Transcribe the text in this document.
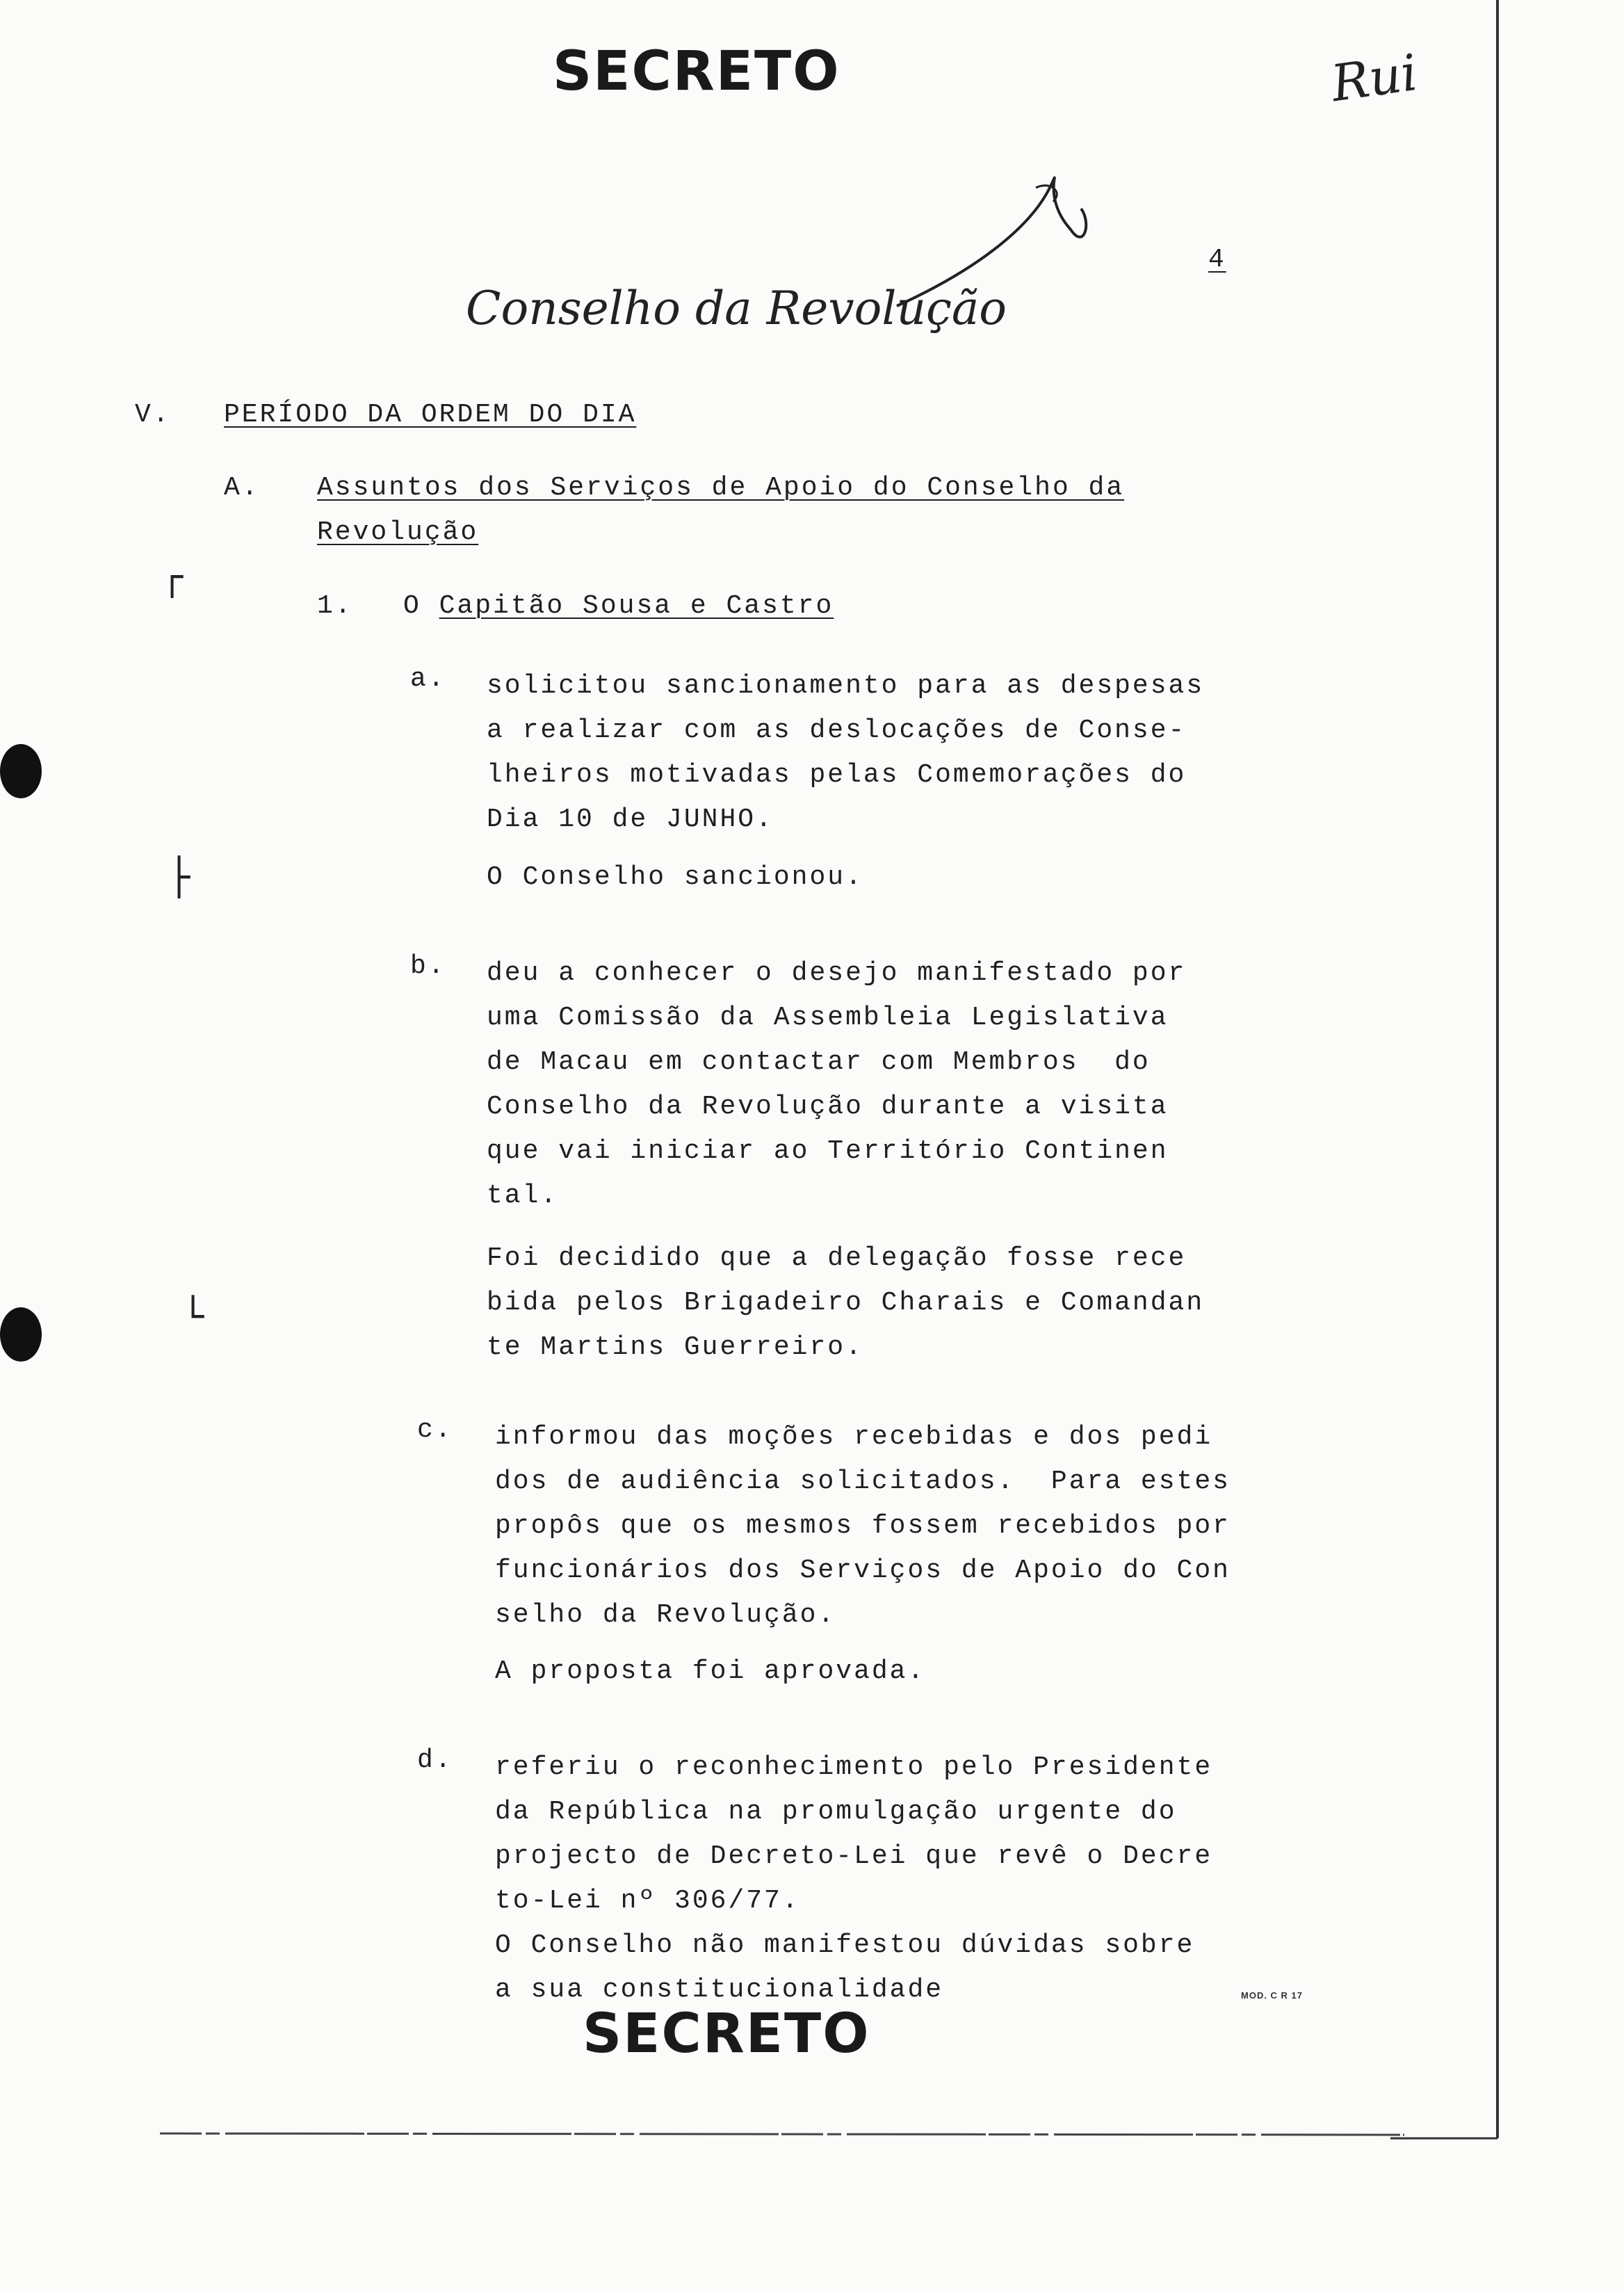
SECRETO	Rui
Conselho da Revolução
4
┌
├
└
V. PERÍODO DA ORDEM DO DIA
A. Assuntos dos Serviços de Apoio do Conselho da
Revolução
1. O Capitão Sousa e Castro
a. solicitou sancionamento para as despesas
a realizar com as deslocações de Conse-
lheiros motivadas pelas Comemorações do
Dia 10 de JUNHO.
O Conselho sancionou.
b. deu a conhecer o desejo manifestado por
uma Comissão da Assembleia Legislativa
de Macau em contactar com Membros  do
Conselho da Revolução durante a visita
que vai iniciar ao Território Continen
tal.
Foi decidido que a delegação fosse rece
bida pelos Brigadeiro Charais e Comandan
te Martins Guerreiro.
c. informou das moções recebidas e dos pedi
dos de audiência solicitados.  Para estes
propôs que os mesmos fossem recebidos por
funcionários dos Serviços de Apoio do Con
selho da Revolução.
A proposta foi aprovada.
d. referiu o reconhecimento pelo Presidente
da República na promulgação urgente do
projecto de Decreto-Lei que revê o Decre
to-Lei nº 306/77.
O Conselho não manifestou dúvidas sobre
a sua constitucionalidade	MOD. C R 17
SECRETO
